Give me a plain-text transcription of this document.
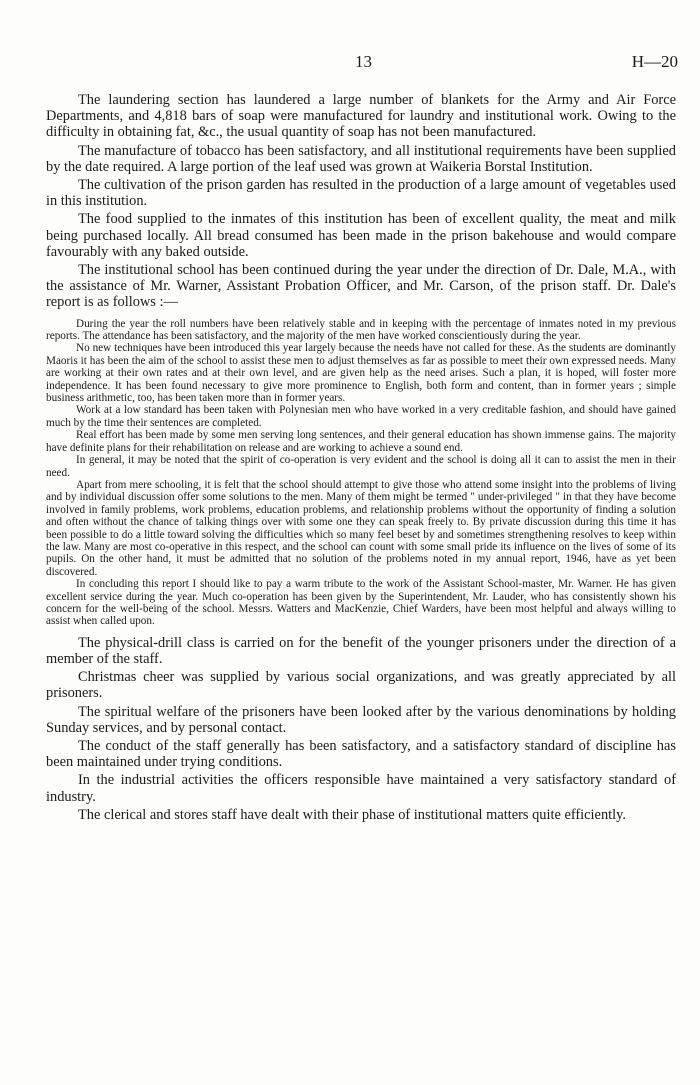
13	H—20

The laundering section has laundered a large number of blankets for the Army and Air Force Departments, and 4,818 bars of soap were manufactured for laundry and institutional work. Owing to the difficulty in obtaining fat, &c., the usual quantity of soap has not been manufactured.

The manufacture of tobacco has been satisfactory, and all institutional requirements have been supplied by the date required. A large portion of the leaf used was grown at Waikeria Borstal Institution.

The cultivation of the prison garden has resulted in the production of a large amount of vegetables used in this institution.

The food supplied to the inmates of this institution has been of excellent quality, the meat and milk being purchased locally. All bread consumed has been made in the prison bakehouse and would compare favourably with any baked outside.

The institutional school has been continued during the year under the direction of Dr. Dale, M.A., with the assistance of Mr. Warner, Assistant Probation Officer, and Mr. Carson, of the prison staff. Dr. Dale's report is as follows :—

During the year the roll numbers have been relatively stable and in keeping with the percentage of inmates noted in my previous reports. The attendance has been satisfactory, and the majority of the men have worked conscientiously during the year.

No new techniques have been introduced this year largely because the needs have not called for these. As the students are dominantly Maoris it has been the aim of the school to assist these men to adjust themselves as far as possible to meet their own expressed needs. Many are working at their own rates and at their own level, and are given help as the need arises. Such a plan, it is hoped, will foster more independence. It has been found necessary to give more prominence to English, both form and content, than in former years ; simple business arithmetic, too, has been taken more than in former years.

Work at a low standard has been taken with Polynesian men who have worked in a very creditable fashion, and should have gained much by the time their sentences are completed.

Real effort has been made by some men serving long sentences, and their general education has shown immense gains. The majority have definite plans for their rehabilitation on release and are working to achieve a sound end.

In general, it may be noted that the spirit of co-operation is very evident and the school is doing all it can to assist the men in their need.

Apart from mere schooling, it is felt that the school should attempt to give those who attend some insight into the problems of living and by individual discussion offer some solutions to the men. Many of them might be termed " under-privileged " in that they have become involved in family problems, work problems, education problems, and relationship problems without the opportunity of finding a solution and often without the chance of talking things over with some one they can speak freely to. By private discussion during this time it has been possible to do a little toward solving the difficulties which so many feel beset by and sometimes strengthening resolves to keep within the law. Many are most co-operative in this respect, and the school can count with some small pride its influence on the lives of some of its pupils. On the other hand, it must be admitted that no solution of the problems noted in my annual report, 1946, have as yet been discovered.

In concluding this report I should like to pay a warm tribute to the work of the Assistant School-master, Mr. Warner. He has given excellent service during the year. Much co-operation has been given by the Superintendent, Mr. Lauder, who has consistently shown his concern for the well-being of the school. Messrs. Watters and MacKenzie, Chief Warders, have been most helpful and always willing to assist when called upon.

The physical-drill class is carried on for the benefit of the younger prisoners under the direction of a member of the staff.

Christmas cheer was supplied by various social organizations, and was greatly appreciated by all prisoners.

The spiritual welfare of the prisoners have been looked after by the various denominations by holding Sunday services, and by personal contact.

The conduct of the staff generally has been satisfactory, and a satisfactory standard of discipline has been maintained under trying conditions.

In the industrial activities the officers responsible have maintained a very satisfactory standard of industry.

The clerical and stores staff have dealt with their phase of institutional matters quite efficiently.
